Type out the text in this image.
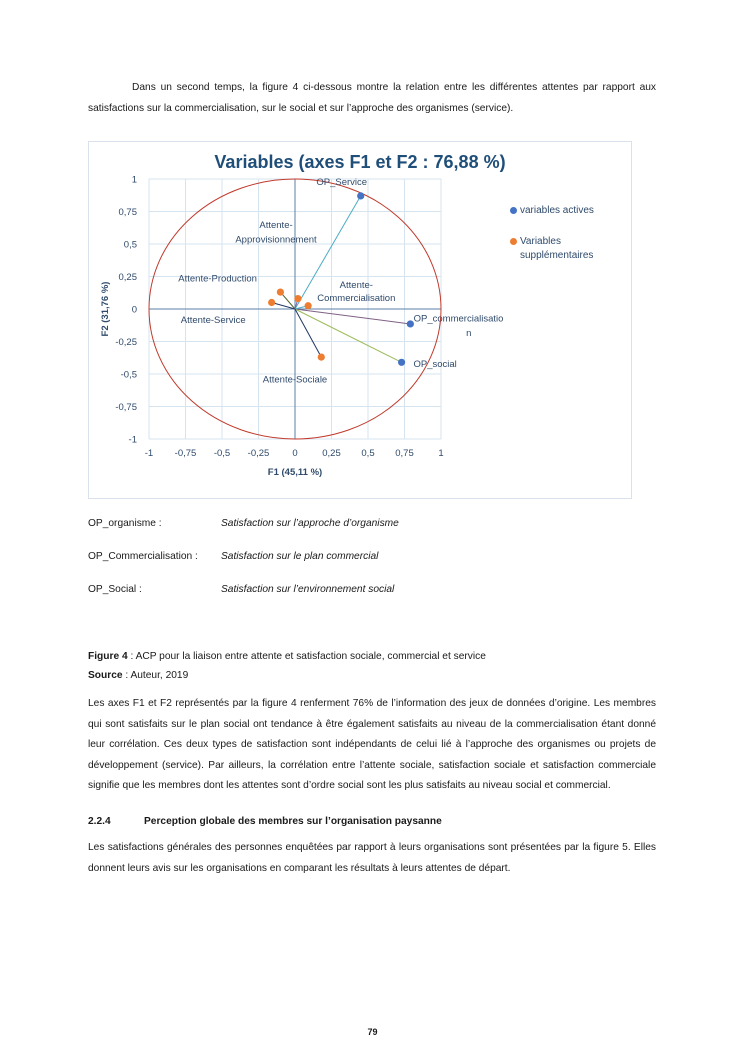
Dans un second temps, la figure 4 ci-dessous montre la relation entre les différentes attentes par rapport aux satisfactions sur la commercialisation, sur le social et sur l’approche des organismes (service).

Variables (axes F1 et F2 : 76,88 %)
-1 -0,75 -0,5 -0,25 0	0,25 0,5 0,75	1
1
0,75
0,5
0,25
0
-0,25
-0,5
-0,75
-1
F1 (45,11 %)
F2 (31,76 %)
OP_Service
Attente-
Approvisionnement
Attente-Production
Attente-
Commercialisation
Attente-Service	OP_commercialisatio
n
OP_social
Attente-Sociale
variables actives
Variables
supplémentaires
OP_organisme :	Satisfaction sur l’approche d’organisme
OP_Commercialisation : Satisfaction sur le plan commercial
OP_Social :	Satisfaction sur l’environnement social
Figure 4 : ACP pour la liaison entre attente et satisfaction sociale, commercial et service
Source : Auteur, 2019

Les axes F1 et F2 représentés par la figure 4 renferment 76% de l’information des jeux de données d’origine. Les membres qui sont satisfaits sur le plan social ont tendance à être également satisfaits au niveau de la commercialisation étant donné leur corrélation. Ces deux types de satisfaction sont indépendants de celui lié à l’approche des organismes ou projets de développement (service). Par ailleurs, la corrélation entre l’attente sociale, satisfaction sociale et satisfaction commerciale signifie que les membres dont les attentes sont d’ordre social sont les plus satisfaits au niveau social et commercial.

2.2.4	Perception globale des membres sur l’organisation paysanne

Les satisfactions générales des personnes enquêtées par rapport à leurs organisations sont présentées par la figure 5. Elles donnent leurs avis sur les organisations en comparant les résultats à leurs attentes de départ.

79
